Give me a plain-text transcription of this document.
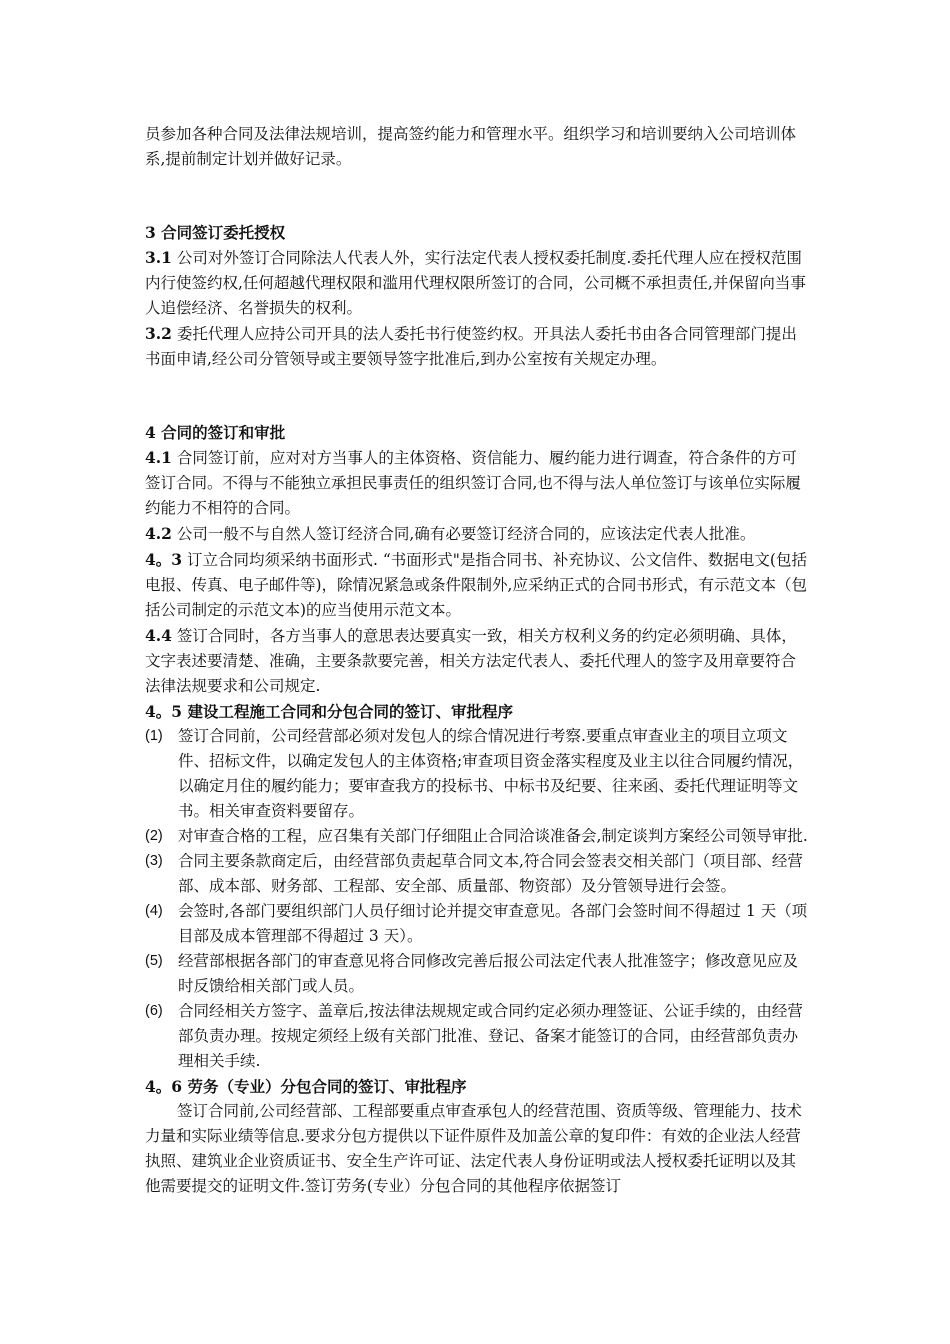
员参加各种合同及法律法规培训，提高签约能力和管理水平。组织学习和培训要纳入公司培训体系,提前制定计划并做好记录。

3 合同签订委托授权

3.1 公司对外签订合同除法人代表人外，实行法定代表人授权委托制度.委托代理人应在授权范围内行使签约权,任何超越代理权限和滥用代理权限所签订的合同，公司概不承担责任,并保留向当事人追偿经济、名誉损失的权利。

3.2 委托代理人应持公司开具的法人委托书行使签约权。开具法人委托书由各合同管理部门提出书面申请,经公司分管领导或主要领导签字批准后,到办公室按有关规定办理。

4 合同的签订和审批

4.1 合同签订前，应对对方当事人的主体资格、资信能力、履约能力进行调查，符合条件的方可签订合同。不得与不能独立承担民事责任的组织签订合同,也不得与法人单位签订与该单位实际履约能力不相符的合同。

4.2 公司一般不与自然人签订经济合同,确有必要签订经济合同的，应该法定代表人批准。

4。3 订立合同均须采纳书面形式. “书面形式"是指合同书、补充协议、公文信件、数据电文(包括电报、传真、电子邮件等)，除情况紧急或条件限制外,应采纳正式的合同书形式，有示范文本（包括公司制定的示范文本)的应当使用示范文本。

4.4 签订合同时，各方当事人的意思表达要真实一致，相关方权利义务的约定必须明确、具体，文字表述要清楚、准确，主要条款要完善，相关方法定代表人、委托代理人的签字及用章要符合法律法规要求和公司规定.

4。5 建设工程施工合同和分包合同的签订、审批程序

(1) 签订合同前，公司经营部必须对发包人的综合情况进行考察.要重点审查业主的项目立项文件、招标文件，以确定发包人的主体资格;审查项目资金落实程度及业主以往合同履约情况，以确定月住的履约能力；要审查我方的投标书、中标书及纪要、往来函、委托代理证明等文书。相关审查资料要留存。
(2) 对审查合格的工程，应召集有关部门仔细阻止合同洽谈准备会,制定谈判方案经公司领导审批.
(3) 合同主要条款商定后，由经营部负责起草合同文本,符合同会签表交相关部门（项目部、经营部、成本部、财务部、工程部、安全部、质量部、物资部）及分管领导进行会签。
(4) 会签时,各部门要组织部门人员仔细讨论并提交审查意见。各部门会签时间不得超过 1 天（项目部及成本管理部不得超过 3 天）。
(5) 经营部根据各部门的审查意见将合同修改完善后报公司法定代表人批准签字；修改意见应及时反馈给相关部门或人员。
(6) 合同经相关方签字、盖章后,按法律法规规定或合同约定必须办理签证、公证手续的，由经营部负责办理。按规定须经上级有关部门批准、登记、备案才能签订的合同，由经营部负责办理相关手续.

4。6 劳务（专业）分包合同的签订、审批程序

签订合同前,公司经营部、工程部要重点审查承包人的经营范围、资质等级、管理能力、技术力量和实际业绩等信息.要求分包方提供以下证件原件及加盖公章的复印件：有效的企业法人经营执照、建筑业企业资质证书、安全生产许可证、法定代表人身份证明或法人授权委托证明以及其他需要提交的证明文件.签订劳务(专业）分包合同的其他程序依据签订
